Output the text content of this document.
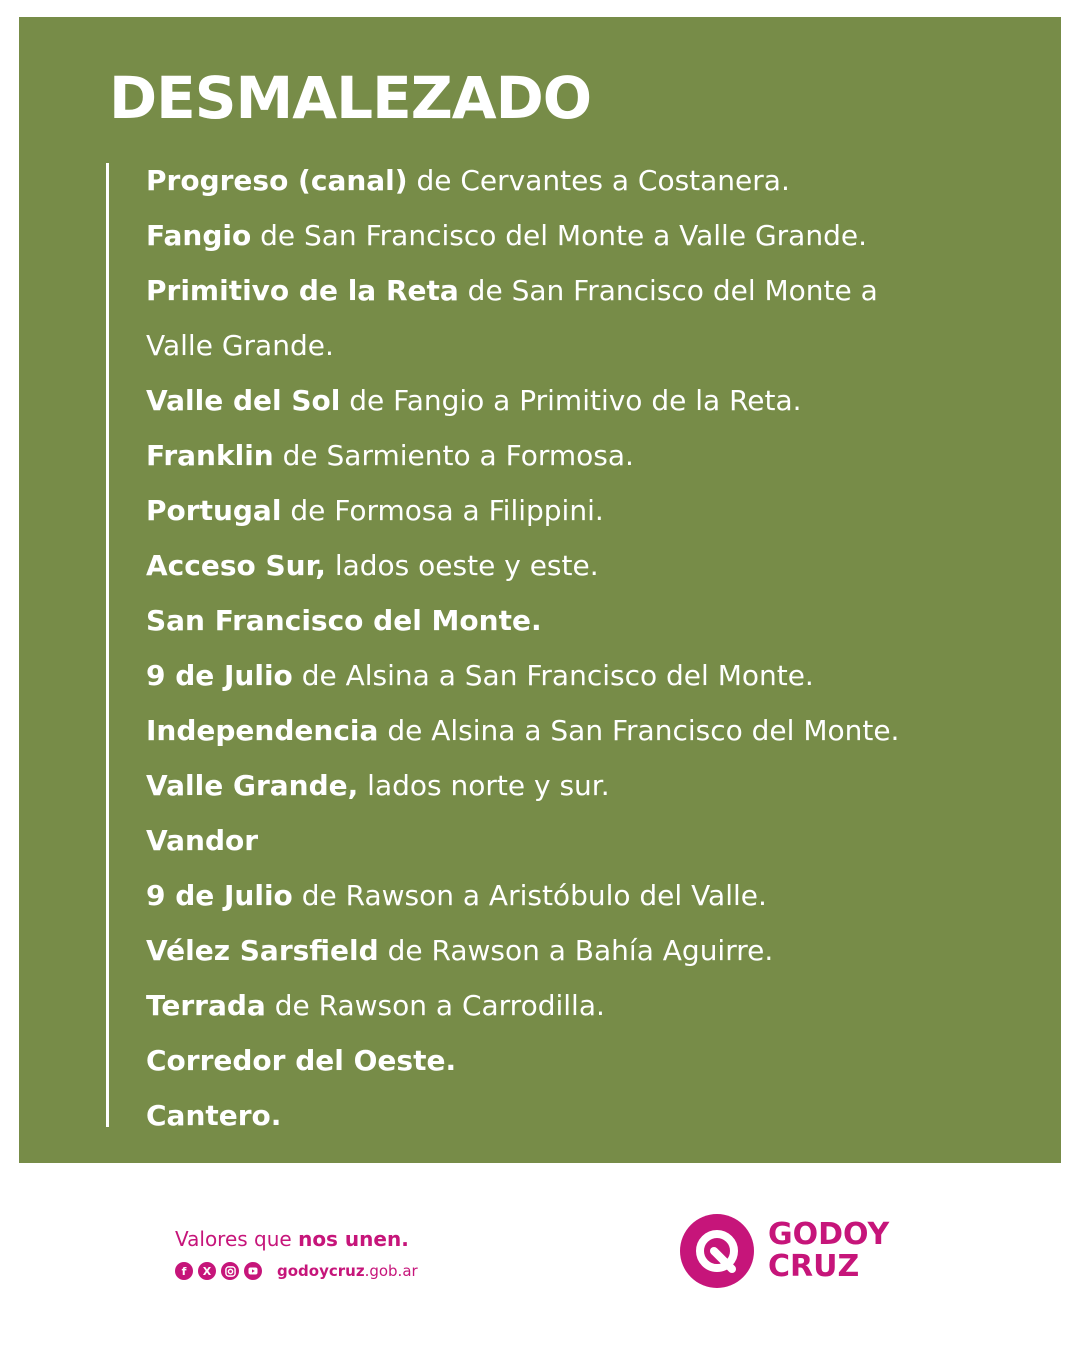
DESMALEZADO
Progreso (canal) de Cervantes a Costanera.
Fangio de San Francisco del Monte a Valle Grande.
Primitivo de la Reta de San Francisco del Monte a
Valle Grande.
Valle del Sol de Fangio a Primitivo de la Reta.
Franklin de Sarmiento a Formosa.
Portugal de Formosa a Filippini.
Acceso Sur, lados oeste y este.
San Francisco del Monte.
9 de Julio de Alsina a San Francisco del Monte.
Independencia de Alsina a San Francisco del Monte.
Valle Grande, lados norte y sur.
Vandor
9 de Julio de Rawson a Aristóbulo del Valle.
Vélez Sarsfield de Rawson a Bahía Aguirre.
Terrada de Rawson a Carrodilla.
Corredor del Oeste.
Cantero.
Valores que nos unen.
f	X	godoycruz.gob.ar
GODOY
CRUZ
